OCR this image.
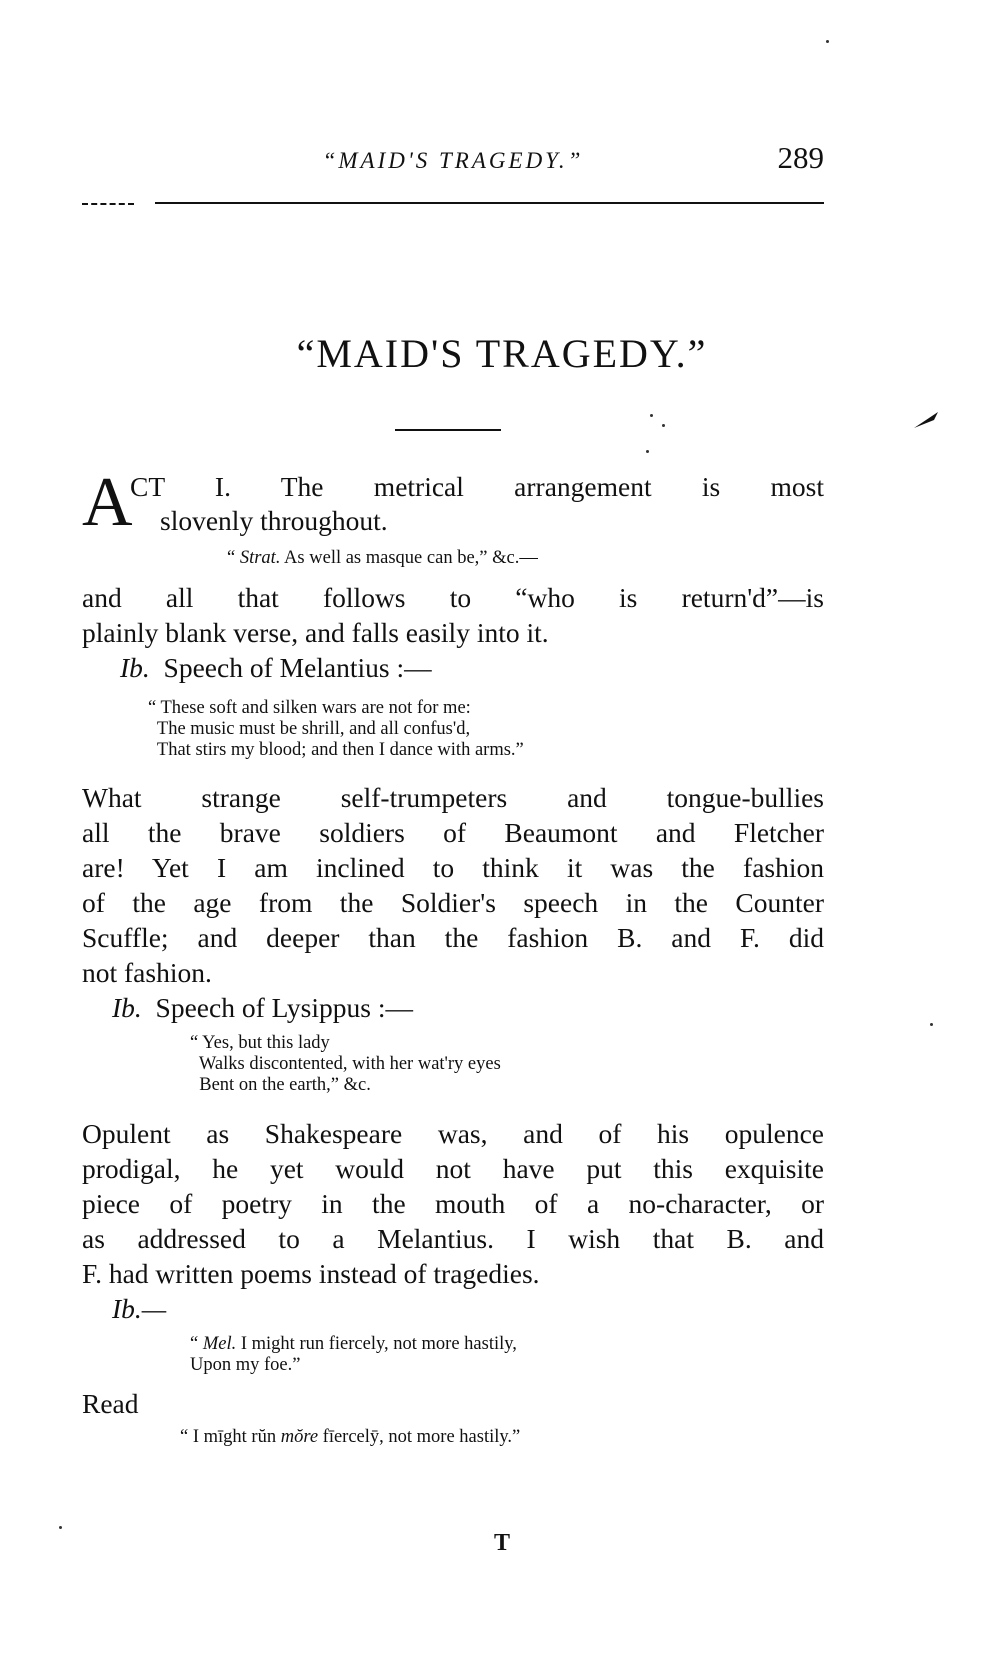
“MAID'S TRAGEDY.”	289
“MAID'S TRAGEDY.”
A
CT I. The metrical arrangement is most
slovenly throughout.

“ Strat. As well as masque can be,” &c.—

and all that follows to “who is return'd”—is
plainly blank verse, and falls easily into it.

Ib. Speech of Melantius :—

“ These soft and silken wars are not for me:
The music must be shrill, and all confus'd,
That stirs my blood; and then I dance with arms.”

What strange self-trumpeters and tongue-bullies
all the brave soldiers of Beaumont and Fletcher
are! Yet I am inclined to think it was the fashion
of the age from the Soldier's speech in the Counter
Scuffle; and deeper than the fashion B. and F. did
not fashion.

Ib. Speech of Lysippus :—

“ Yes, but this lady
Walks discontented, with her wat'ry eyes
Bent on the earth,” &c.

Opulent as Shakespeare was, and of his opulence
prodigal, he yet would not have put this exquisite
piece of poetry in the mouth of a no-character, or
as addressed to a Melantius. I wish that B. and
F. had written poems instead of tragedies.

Ib.—

“ Mel. I might run fiercely, not more hastily,
Upon my foe.”

Read

“ I mīght rŭn mŏre fīercelȳ, not more hastily.”

T
